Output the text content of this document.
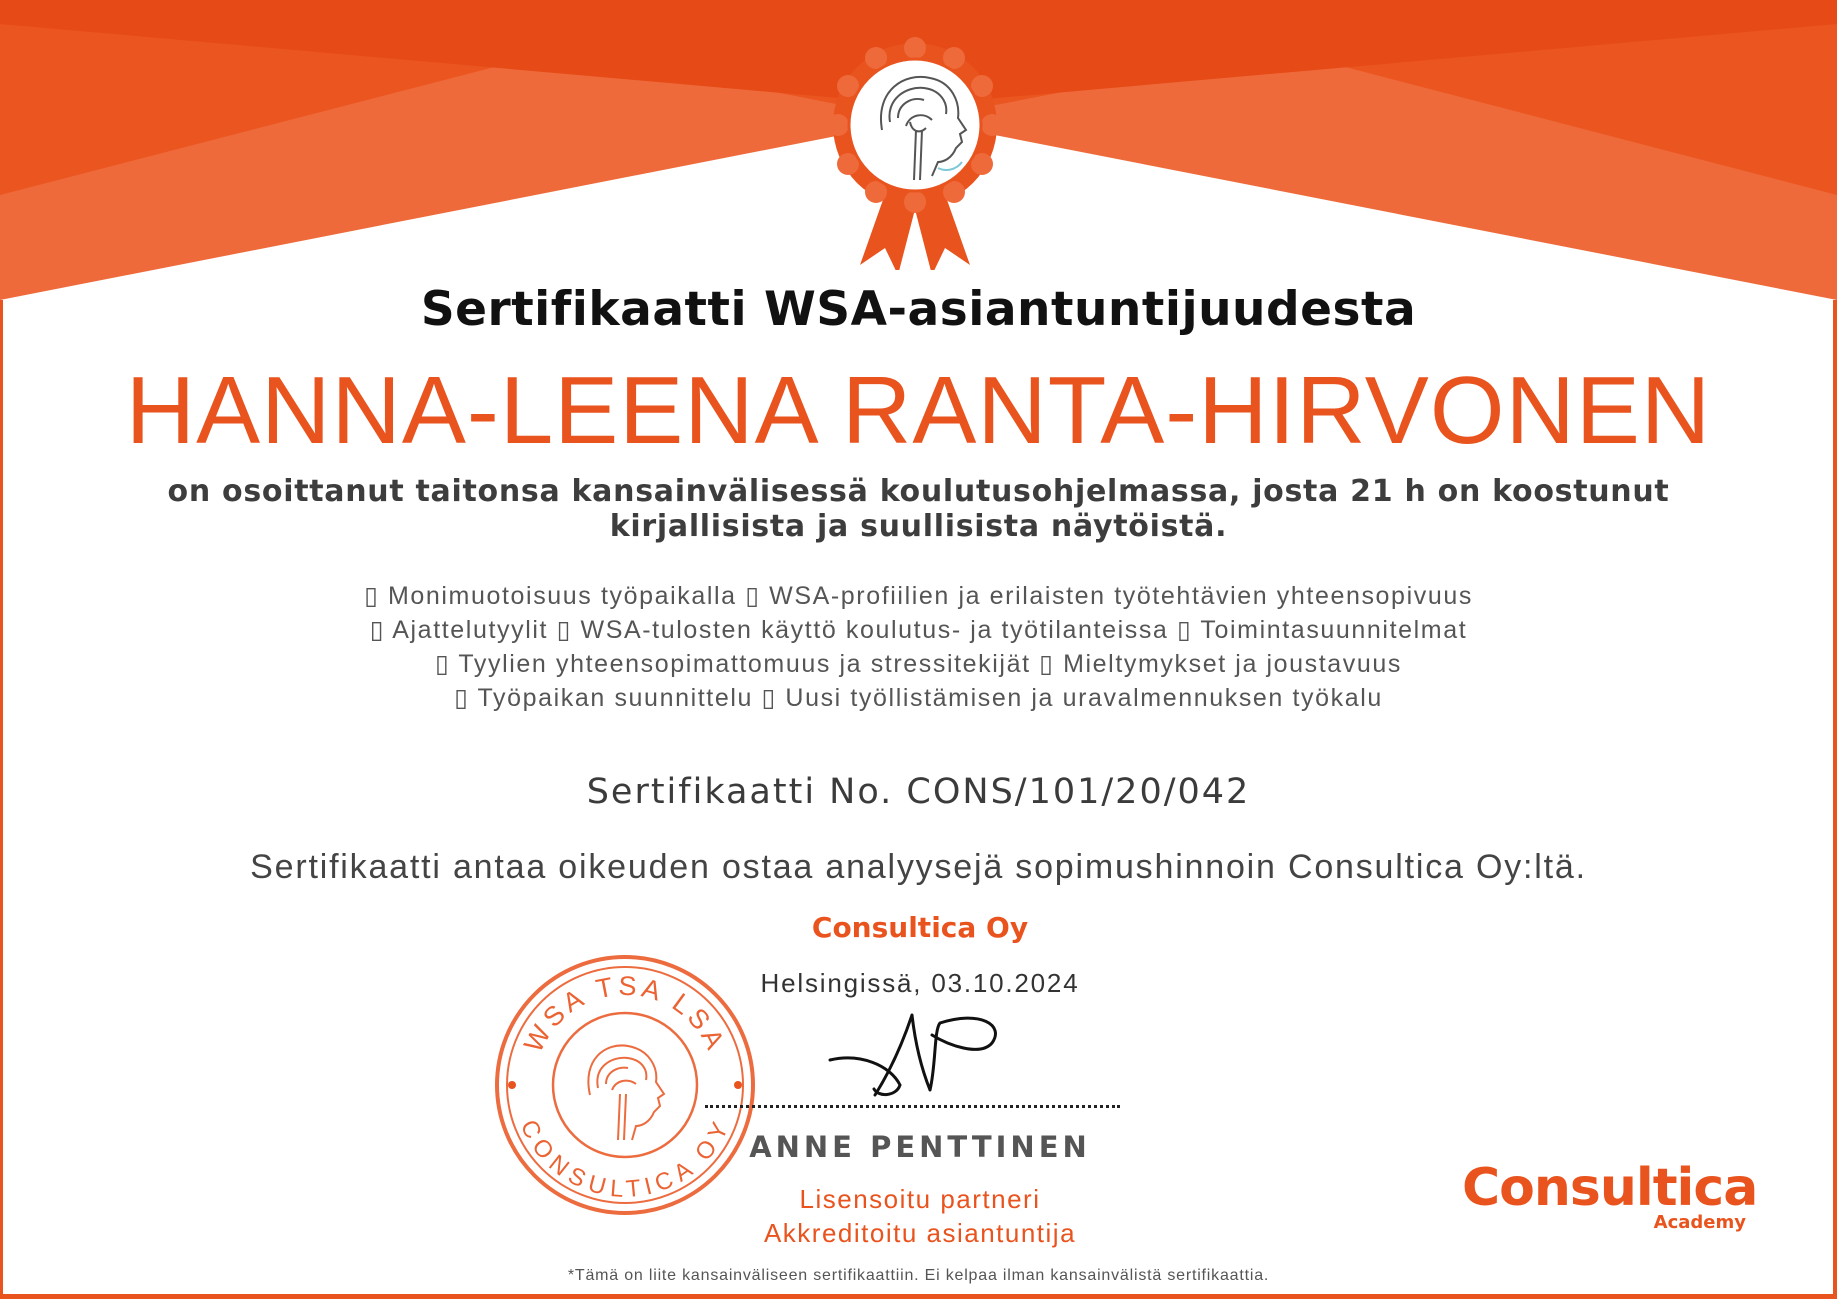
Sertifikaatti WSA-asiantuntijuudesta
HANNA-LEENA RANTA-HIRVONEN
on osoittanut taitonsa kansainvälisessä koulutusohjelmassa, josta 21 h on koostunut
kirjallisista ja suullisista näytöistä.
▯ Monimuotoisuus työpaikalla ▯ WSA-profiilien ja erilaisten työtehtävien yhteensopivuus
▯ Ajattelutyylit ▯ WSA-tulosten käyttö koulutus- ja työtilanteissa ▯ Toimintasuunnitelmat
▯ Tyylien yhteensopimattomuus ja stressitekijät ▯ Mieltymykset ja joustavuus
▯ Työpaikan suunnittelu ▯ Uusi työllistämisen ja uravalmennuksen työkalu
Sertifikaatti No. CONS/101/20/042
Sertifikaatti antaa oikeuden ostaa analyysejä sopimushinnoin Consultica Oy:ltä.
WSA TSA LSA
CONSULTICA OY
Consultica Oy
Helsingissä, 03.10.2024
ANNE PENTTINEN
Lisensoitu partneri
Akkreditoitu asiantuntija
Consultica
Academy
*Tämä on liite kansainväliseen sertifikaattiin. Ei kelpaa ilman kansainvälistä sertifikaattia.
